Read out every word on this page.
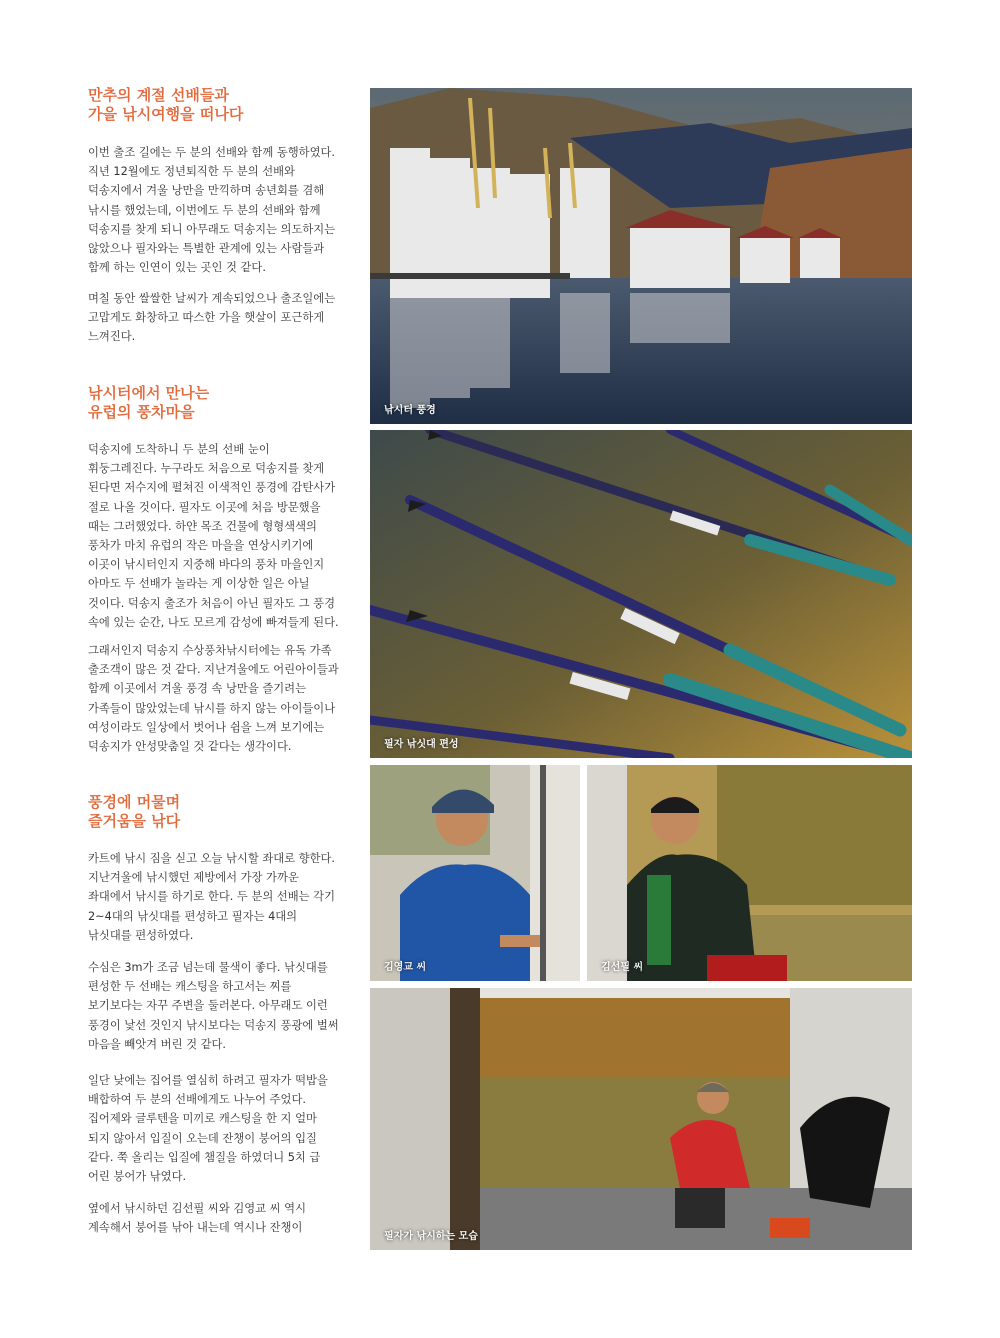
만추의 계절 선배들과
가을 낚시여행을 떠나다
이번 출조 길에는 두 분의 선배와 함께 동행하였다.
직년 12월에도 정년퇴직한 두 분의 선배와
덕송지에서 겨울 낭만을 만끽하며 송년회를 겸해
낚시를 했었는데, 이번에도 두 분의 선배와 함께
덕송지를 찾게 되니 아무래도 덕송지는 의도하지는
않았으나 필자와는 특별한 관계에 있는 사람들과
함께 하는 인연이 있는 곳인 것 같다.
며칠 동안 쌀쌀한 날씨가 계속되었으나 출조일에는
고맙게도 화창하고 따스한 가을 햇살이 포근하게
느껴진다.
낚시터에서 만나는
유럽의 풍차마을
덕송지에 도착하니 두 분의 선배 눈이
휘둥그레진다. 누구라도 처음으로 덕송지를 찾게
된다면 저수지에 펼쳐진 이색적인 풍경에 감탄사가
절로 나올 것이다. 필자도 이곳에 처음 방문했을
때는 그러했었다. 하얀 목조 건물에 형형색색의
풍차가 마치 유럽의 작은 마을을 연상시키기에
이곳이 낚시터인지 지중해 바다의 풍차 마을인지
아마도 두 선배가 놀라는 게 이상한 일은 아닐
것이다. 덕송지 출조가 처음이 아닌 필자도 그 풍경
속에 있는 순간, 나도 모르게 감성에 빠져들게 된다.
그래서인지 덕송지 수상풍차낚시터에는 유독 가족
출조객이 많은 것 같다. 지난겨울에도 어린아이들과
함께 이곳에서 겨울 풍경 속 낭만을 즐기려는
가족들이 많았었는데 낚시를 하지 않는 아이들이나
여성이라도 일상에서 벗어나 쉼을 느껴 보기에는
덕송지가 안성맞춤일 것 같다는 생각이다.
풍경에 머물며
즐거움을 낚다
카트에 낚시 짐을 싣고 오늘 낚시할 좌대로 향한다.
지난겨울에 낚시했던 제방에서 가장 가까운
좌대에서 낚시를 하기로 한다. 두 분의 선배는 각기
2~4대의 낚싯대를 편성하고 필자는 4대의
낚싯대를 편성하였다.
수심은 3m가 조금 넘는데 물색이 좋다. 낚싯대를
편성한 두 선배는 캐스팅을 하고서는 찌를
보기보다는 자꾸 주변을 둘러본다. 아무래도 이런
풍경이 낯선 것인지 낚시보다는 덕송지 풍광에 벌써
마음을 빼앗겨 버린 것 같다.
일단 낮에는 집어를 열심히 하려고 필자가 떡밥을
배합하여 두 분의 선배에게도 나누어 주었다.
집어제와 글루텐을 미끼로 캐스팅을 한 지 얼마
되지 않아서 입질이 오는데 잔챙이 붕어의 입질
같다. 쭉 올리는 입질에 챔질을 하였더니 5치 급
어린 붕어가 낚였다.
옆에서 낚시하던 김선필 씨와 김영교 씨 역시
계속해서 붕어를 낚아 내는데 역시나 잔챙이
낚시터 풍경
필자 낚싯대 편성
김영교 씨	김선필 씨
필자가 낚시하는 모습
